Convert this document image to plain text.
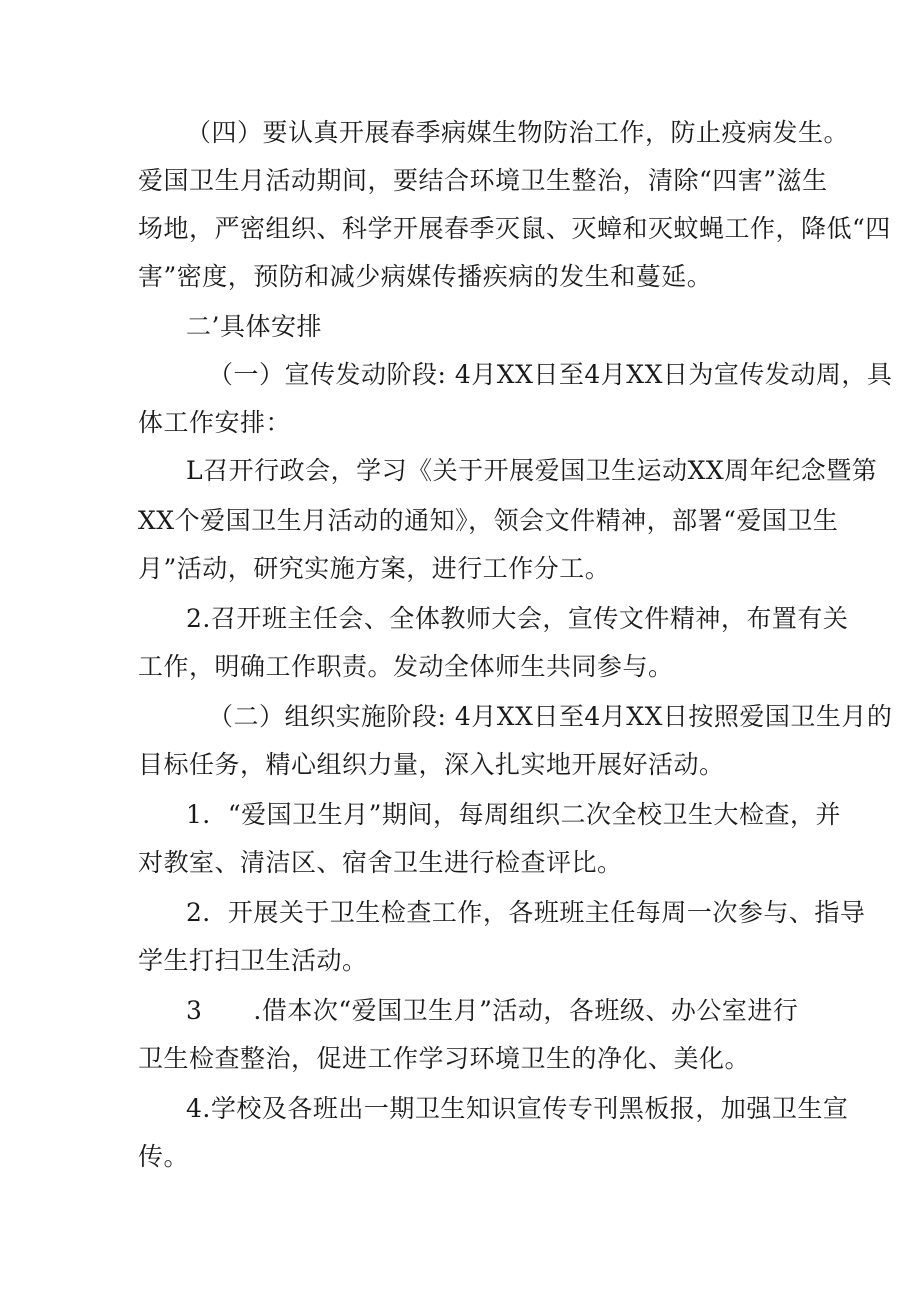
（四）要认真开展春季病媒生物防治工作，防止疫病发生。
爱国卫生月活动期间，要结合环境卫生整治，清除“四害”滋生
场地，严密组织、科学开展春季灭鼠、灭蟑和灭蚊蝇工作，降低“四
害”密度，预防和减少病媒传播疾病的发生和蔓延。
二’具体安排
（一）宣传发动阶段: 4月XX日至4月XX日为宣传发动周，具
体工作安排：
L召开行政会，学习《关于开展爱国卫生运动XX周年纪念暨第
XX个爱国卫生月活动的通知》，领会文件精神，部署“爱国卫生
月”活动，研究实施方案，进行工作分工。
2.召开班主任会、全体教师大会，宣传文件精神，布置有关
工作，明确工作职责。发动全体师生共同参与。
（二）组织实施阶段: 4月XX日至4月XX日按照爱国卫生月的
目标任务，精心组织力量，深入扎实地开展好活动。
1．“爱国卫生月”期间，每周组织二次全校卫生大检查，并
对教室、清洁区、宿舍卫生进行检查评比。
2．开展关于卫生检查工作，各班班主任每周一次参与、指导
学生打扫卫生活动。
3　　.借本次“爱国卫生月”活动，各班级、办公室进行
卫生检查整治，促进工作学习环境卫生的净化、美化。
4.学校及各班出一期卫生知识宣传专刊黑板报，加强卫生宣
传。
